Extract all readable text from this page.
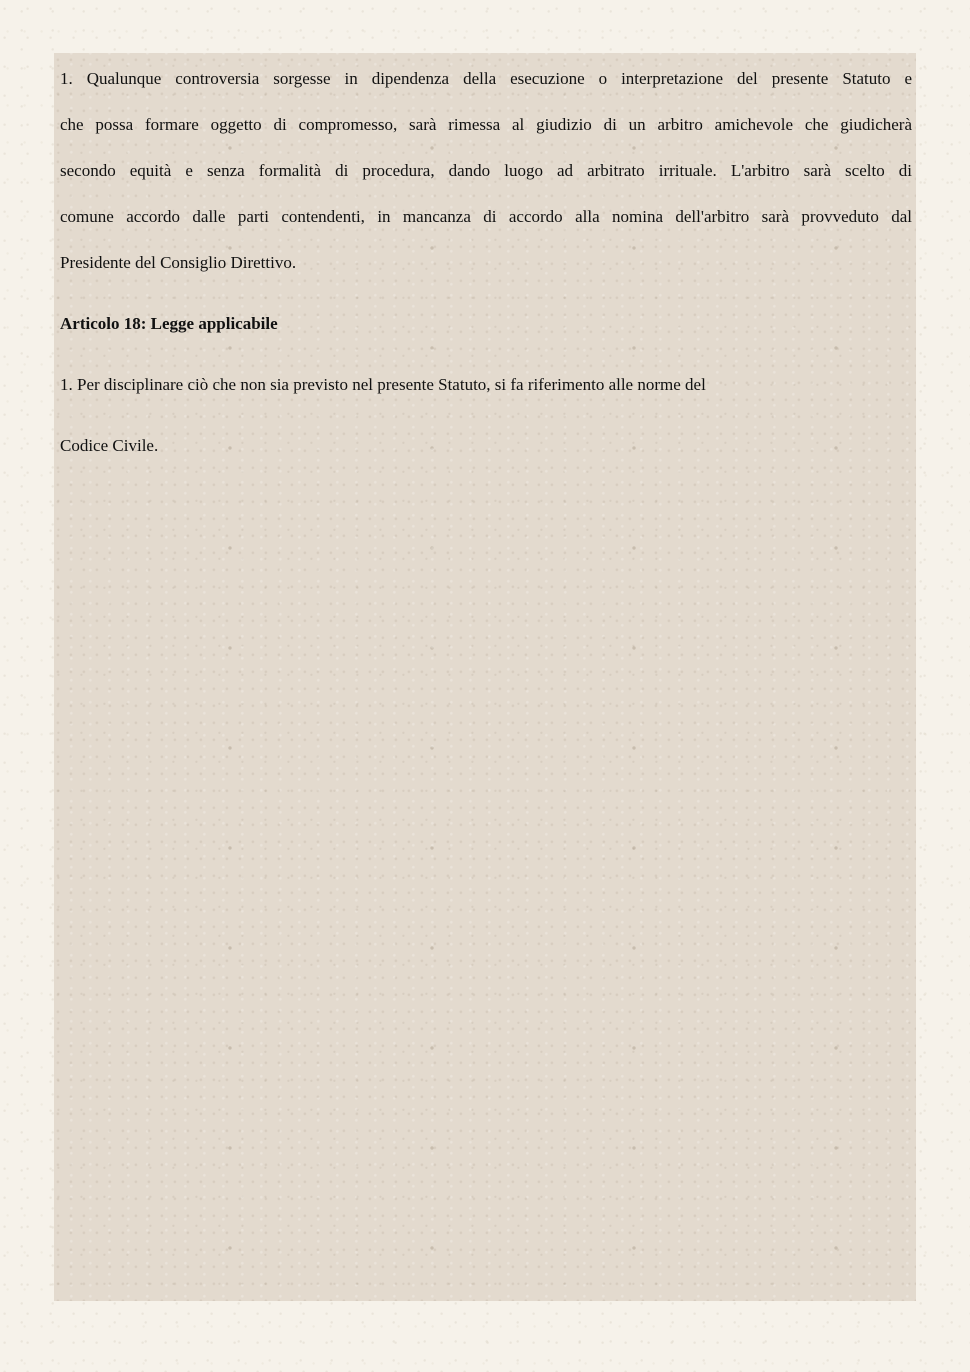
1. Qualunque controversia sorgesse in dipendenza della esecuzione o interpretazione del presente Statuto e
che possa formare oggetto di compromesso, sarà rimessa al giudizio di un arbitro amichevole che giudicherà
secondo equità e senza formalità di procedura, dando luogo ad arbitrato irrituale. L'arbitro sarà scelto di
comune accordo dalle parti contendenti, in mancanza di accordo alla nomina dell'arbitro sarà provveduto dal
Presidente del Consiglio Direttivo.
Articolo 18: Legge applicabile

1. Per disciplinare ciò che non sia previsto nel presente Statuto, si fa riferimento alle norme del

Codice Civile.
